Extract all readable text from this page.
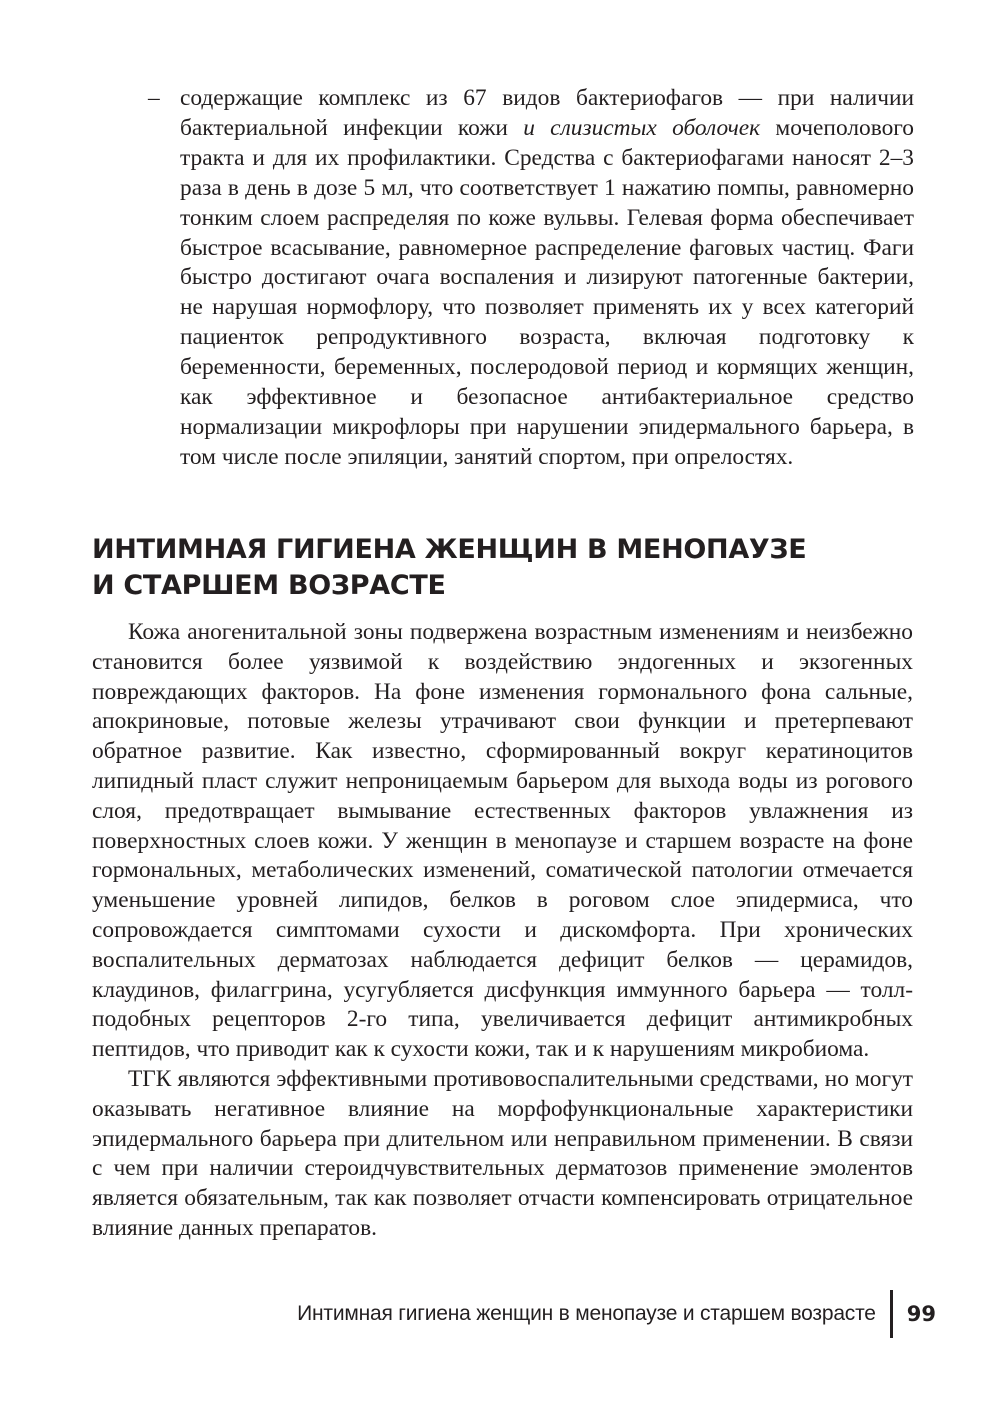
– содержащие комплекс из 67 видов бактериофагов — при наличии бактериальной инфекции кожи и слизистых оболочек мочеполового тракта и для их профилактики. Средства с бактериофагами наносят 2–3 раза в день в дозе 5 мл, что соответствует 1 нажатию помпы, равномерно тонким слоем распределяя по коже вульвы. Гелевая форма обеспечивает быстрое всасывание, равномерное распределение фаговых частиц. Фаги быстро достигают очага воспаления и лизируют патогенные бактерии, не нарушая нормофлору, что позволяет применять их у всех категорий пациенток репродуктивного возраста, включая подготовку к беременности, беременных, послеродовой период и кормящих женщин, как эффективное и безопасное антибактериальное средство нормализации микрофлоры при нарушении эпидермального барьера, в том числе после эпиляции, занятий спортом, при опрелостях.
ИНТИМНАЯ ГИГИЕНА ЖЕНЩИН В МЕНОПАУЗЕ
И СТАРШЕМ ВОЗРАСТЕ

Кожа аногенитальной зоны подвержена возрастным изменениям и неизбежно становится более уязвимой к воздействию эндогенных и экзогенных повреждающих факторов. На фоне изменения гормонального фона сальные, апокриновые, потовые железы утрачивают свои функции и претерпевают обратное развитие. Как известно, сформированный вокруг кератиноцитов липидный пласт служит непроницаемым барьером для выхода воды из рогового слоя, предотвращает вымывание естественных факторов увлажнения из поверхностных слоев кожи. У женщин в менопаузе и старшем возрасте на фоне гормональных, метаболических изменений, соматической патологии отмечается уменьшение уровней липидов, белков в роговом слое эпидермиса, что сопровождается симптомами сухости и дискомфорта. При хронических воспалительных дерматозах наблюдается дефицит белков — церамидов, клаудинов, филаггрина, усугубляется дисфункция иммунного барьера — толл-подобных рецепторов 2-го типа, увеличивается дефицит антимикробных пептидов, что приводит как к сухости кожи, так и к нарушениям микробиома.

ТГК являются эффективными противовоспалительными средствами, но могут оказывать негативное влияние на морфофункциональные характеристики эпидермального барьера при длительном или неправильном применении. В связи с чем при наличии стероидчувствительных дерматозов применение эмолентов является обязательным, так как позволяет отчасти компенсировать отрицательное влияние данных препаратов.

Интимная гигиена женщин в менопаузе и старшем возрасте	99
